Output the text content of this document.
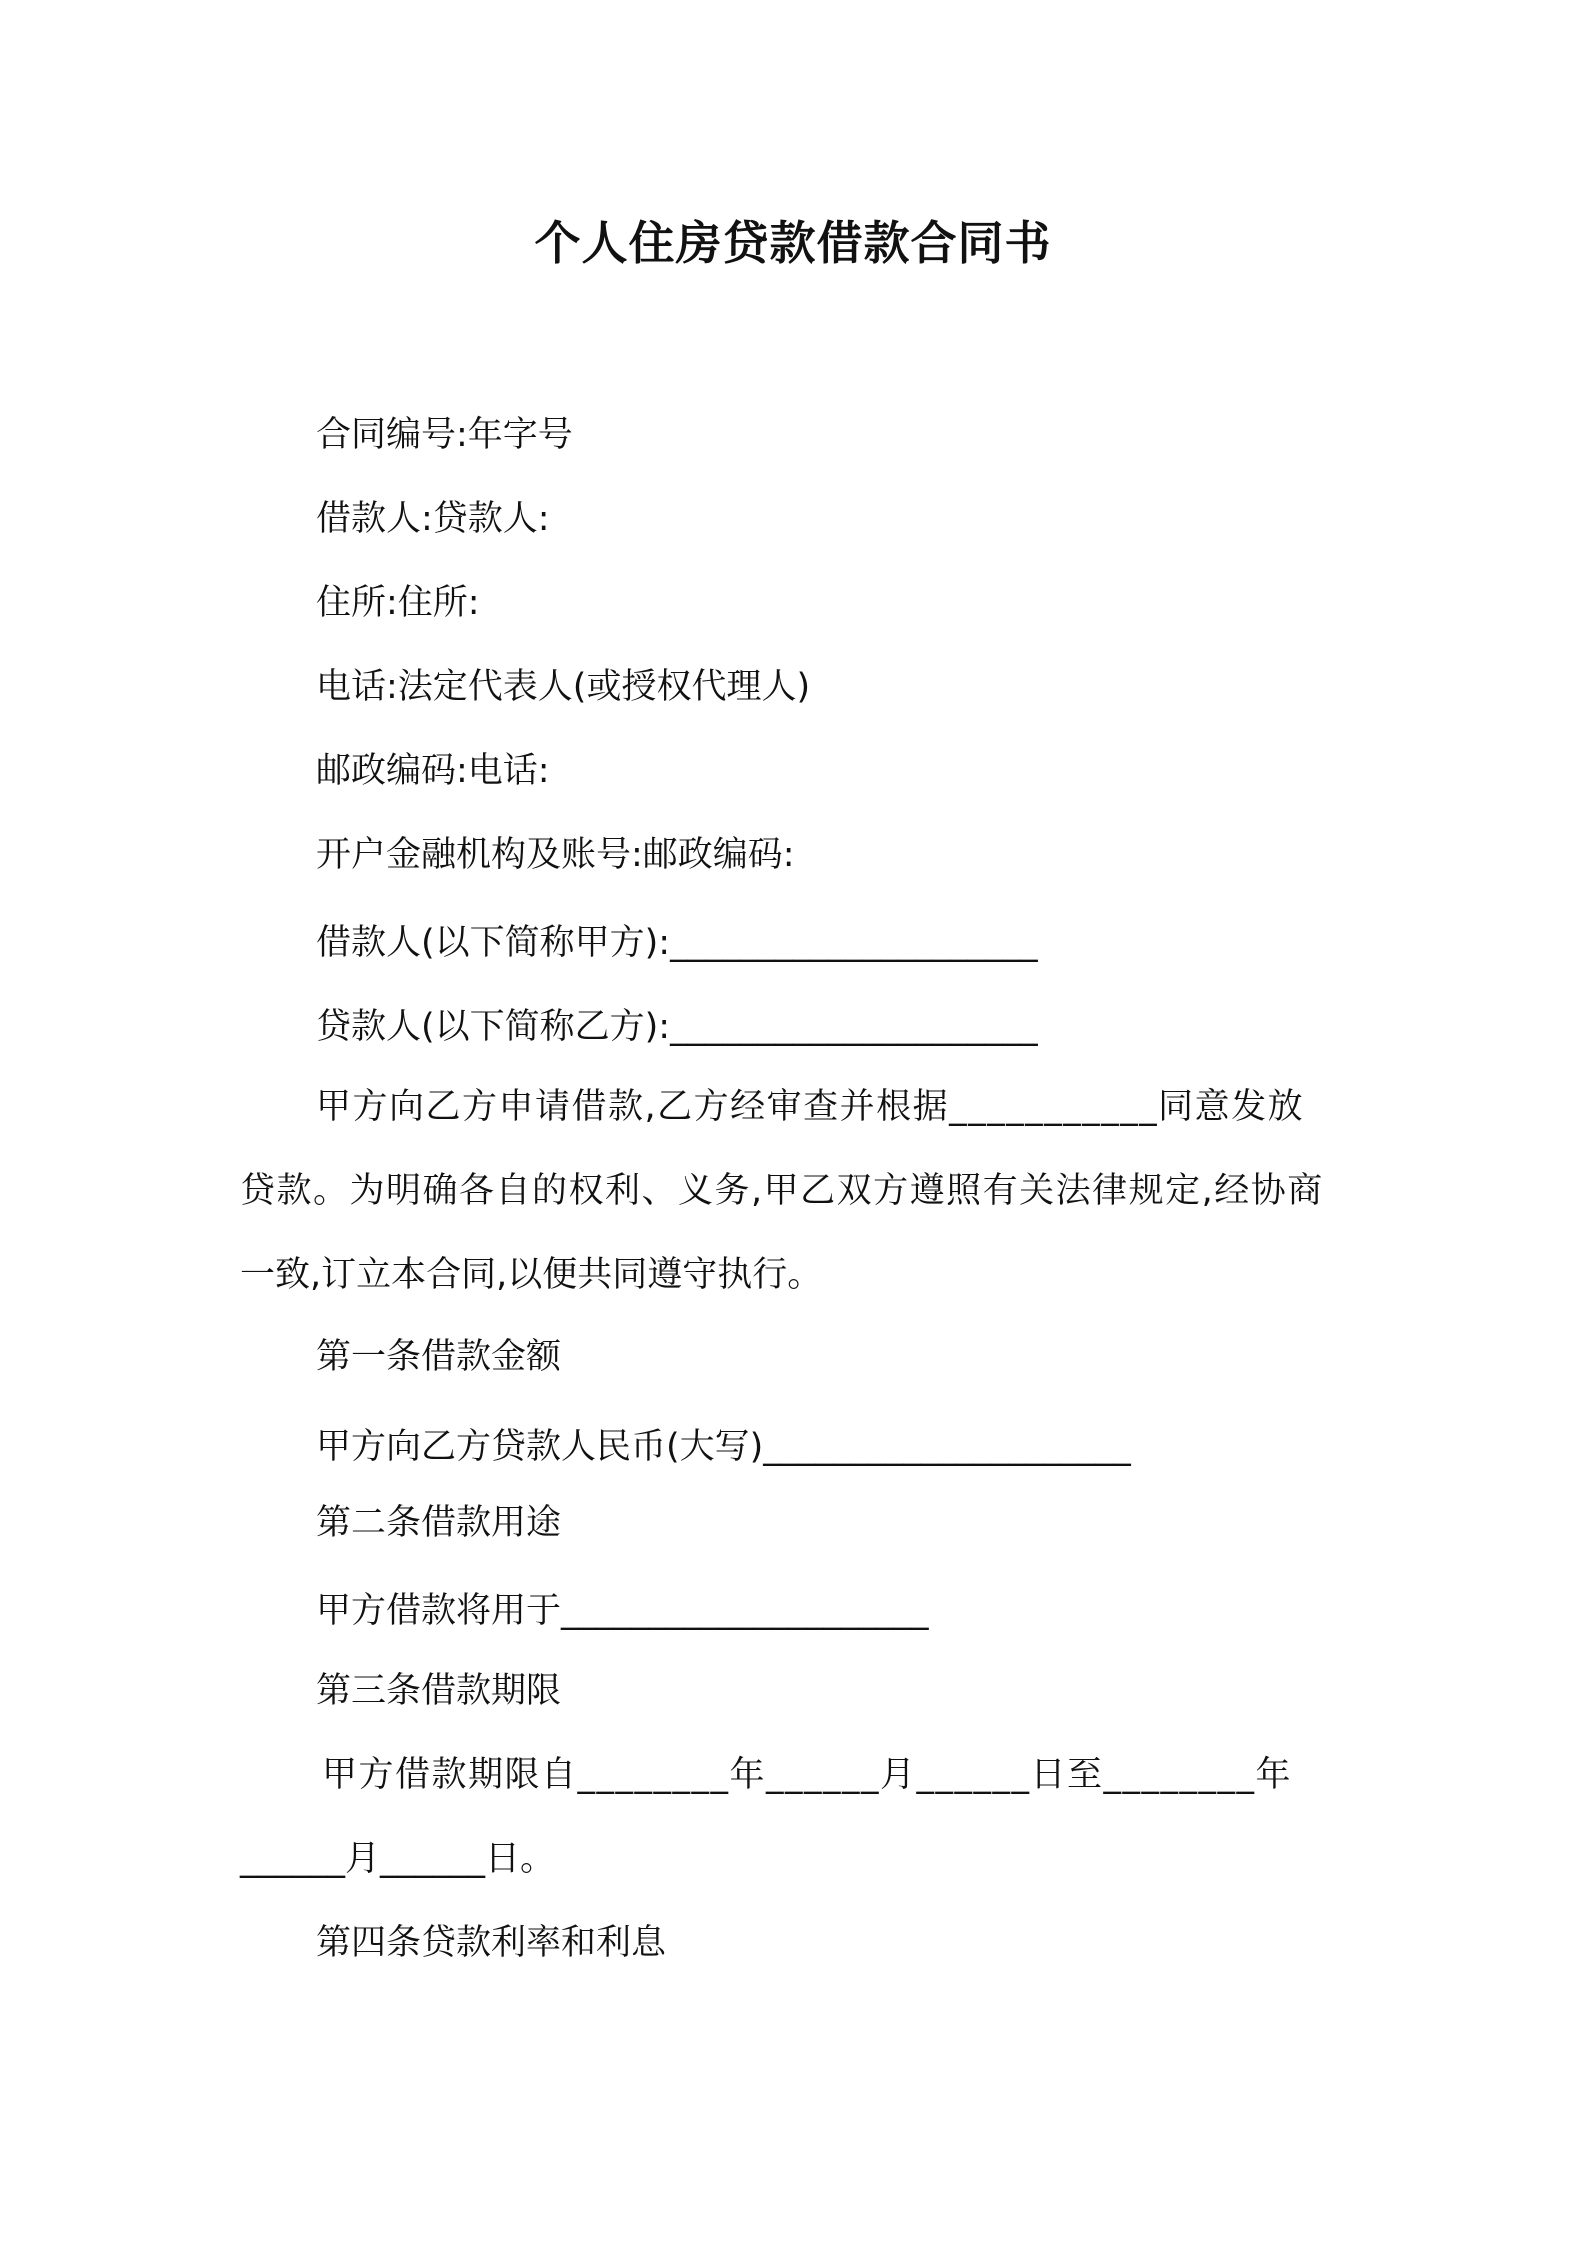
个人住房贷款借款合同书
合同编号:年字号
借款人:贷款人:
住所:住所:
电话:法定代表人(或授权代理人)
邮政编码:电话:
开户金融机构及账号:邮政编码:
借款人(以下简称甲方):_____________________
贷款人(以下简称乙方):_____________________
甲方向乙方申请借款,乙方经审查并根据___________同意发放
贷款。为明确各自的权利、义务,甲乙双方遵照有关法律规定,经协商
一致,订立本合同,以便共同遵守执行。
第一条借款金额
甲方向乙方贷款人民币(大写)_____________________
第二条借款用途
甲方借款将用于_____________________
第三条借款期限
甲方借款期限自________年______月______日至________年
______月______日。
第四条贷款利率和利息
